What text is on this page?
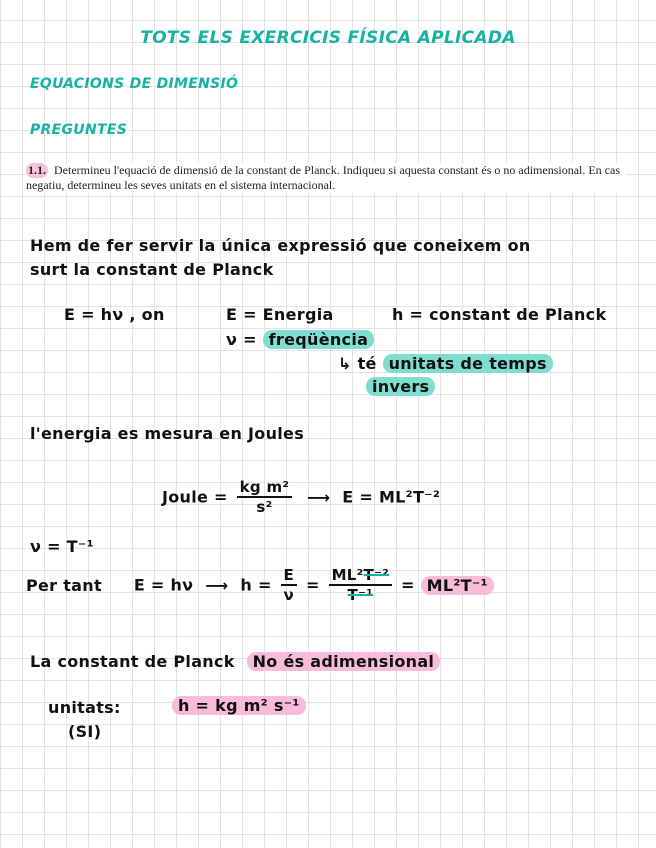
TOTS ELS EXERCICIS FÍSICA APLICADA
EQUACIONS DE DIMENSIÓ
PREGUNTES
1.1. Determineu l'equació de dimensió de la constant de Planck. Indiqueu si aquesta constant és o no adimensional. En cas negatiu, determineu les seves unitats en el sistema internacional.
Hem de fer servir la única expressió que coneixem on
surt la constant de Planck
E = hν , on	E = Energia	h = constant de Planck
ν = freqüència
↳ té unitats de temps
invers
l'energia es mesura en Joules
Joule = $\frac{\text{kg m²}}{\text{s²}}$ ⟶ E = ML²T⁻²
ν = T⁻¹
Per tant E = hν ⟶ $h = \frac{E}{\nu} = \frac{\text{ML²T⁻²}}{\text{T⁻¹}} = ML^2T^{-1}$
La constant de Planck No és adimensional
unitats:
(SI)
h = kg m² s⁻¹
